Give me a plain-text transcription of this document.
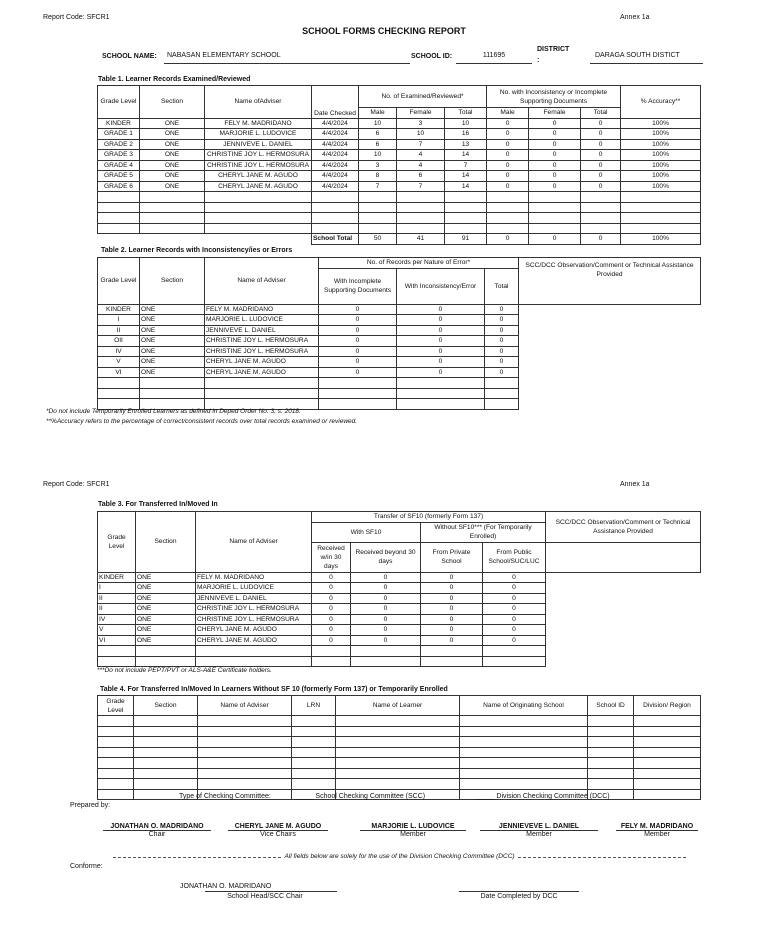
Report Code: SFCR1	Annex 1a
SCHOOL FORMS CHECKING REPORT
SCHOOL NAME:	NABASAN ELEMENTARY SCHOOL	SCHOOL ID:	111695
DISTRICT
:
DARAGA SOUTH DISTICT
Table 1. Learner Records Examined/Reviewed
Grade Level	Section	Name ofAdviser	Date Checked	No. of Examined/Reviewed*			No. with Inconsistency or Incomplete Supporting Documents			% Accuracy**
				Male	Female	Total	Male	Female	Total	
KINDER	ONE	FELY M. MADRIDANO	4/4/2024	10	3	10	0	0	0	100%
GRADE 1	ONE	MARJORIE L. LUDOVICE	4/4/2024	6	10	16	0	0	0	100%
GRADE 2	ONE	JENNIVEVE L. DANIEL	4/4/2024	6	7	13	0	0	0	100%
GRADE 3	ONE	CHRISTINE JOY L. HERMOSURA	4/4/2024	10	4	14	0	0	0	100%
GRADE 4	ONE	CHRISTINE JOY L. HERMOSURA	4/4/2024	3	4	7	0	0	0	100%
GRADE 5	ONE	CHERYL JANE M. AGUDO	4/4/2024	8	6	14	0	0	0	100%
GRADE 6	ONE	CHERYL JANE M. AGUDO	4/4/2024	7	7	14	0	0	0	100%

			School Total	50	41	91	0	0	0	100%
Table 2. Learner Records with Inconsistency/ies or Errors
Grade Level	Section	Name of Adviser	No. of Records per Nature of Error*			SCC/DCC Observation/Comment or Technical Assistance Provided
			With Incomplete Supporting Documents	With Inconsistency/Error	Total	
KINDER	ONE	FELY M. MADRIDANO	0	0	0	
I	ONE	MARJORIE L. LUDOVICE	0	0	0	
II	ONE	JENNIVEVE L. DANIEL	0	0	0	
OII	ONE	CHRISTINE JOY L. HERMOSURA	0	0	0	
IV	ONE	CHRISTINE JOY L. HERMOSURA	0	0	0	
V	ONE	CHERYL JANE M. AGUDO	0	0	0	
VI	ONE	CHERYL JANE M. AGUDO	0	0	0	

*Do not include Temporarily Enrolled Learners as defined in Deped Order No. 3, s. 2018.
**%Accuracy refers to the percentage of correct/consistent records over total records examined or reviewed.
Report Code: SFCR1	Annex 1a
Table 3. For Transferred In/Moved In
Grade Level	Section	Name of Adviser	Transfer of SF10 (formerly Form 137)				SCC/DCC Observation/Comment or Technical Assistance Provided
			With SF10		Without SF10*** (For Temporarily Enrolled)		
			Received w/in 30 days	Received beyond 30 days	From Private School	From Public School/SUC/LUC	
KINDER	ONE	FELY M. MADRIDANO	0	0	0	0	
I	ONE	MARJORIE L. LUDOVICE	0	0	0	0	
II	ONE	JENNIVEVE L. DANIEL	0	0	0	0	
II	ONE	CHRISTINE JOY L. HERMOSURA	0	0	0	0	
IV	ONE	CHRISTINE JOY L. HERMOSURA	0	0	0	0	
V	ONE	CHERYL JANE M. AGUDO	0	0	0	0	
VI	ONE	CHERYL JANE M. AGUDO	0	0	0	0	

***Do not include PEPT/PVT or ALS-A&E Certificate holders.
Table 4. For Transferred In/Moved In Learners Without SF 10 (formerly Form 137) or Temporarily Enrolled
Grade Level	Section	Name of Adviser	LRN	Name of Learner	Name of Originating School	School ID	Division/ Region

Type of Checking Committee:	_____ School Checking Committee (SCC)	_____ Division Checking Committee (DCC)
Prepared by:
JONATHAN O. MADRIDANO
Chair
CHERYL JANE M. AGUDO
Vice Chairs
MARJORIE L. LUDOVICE
Member
JENNIEVEVE L. DANIEL
Member
FELY M. MADRIDANO
Member
All fields below are solely for the use of the Division Checking Committee (DCC)
Conforme:
JONATHAN O. MADRIDANO
School Head/SCC Chair	Date Completed by DCC
